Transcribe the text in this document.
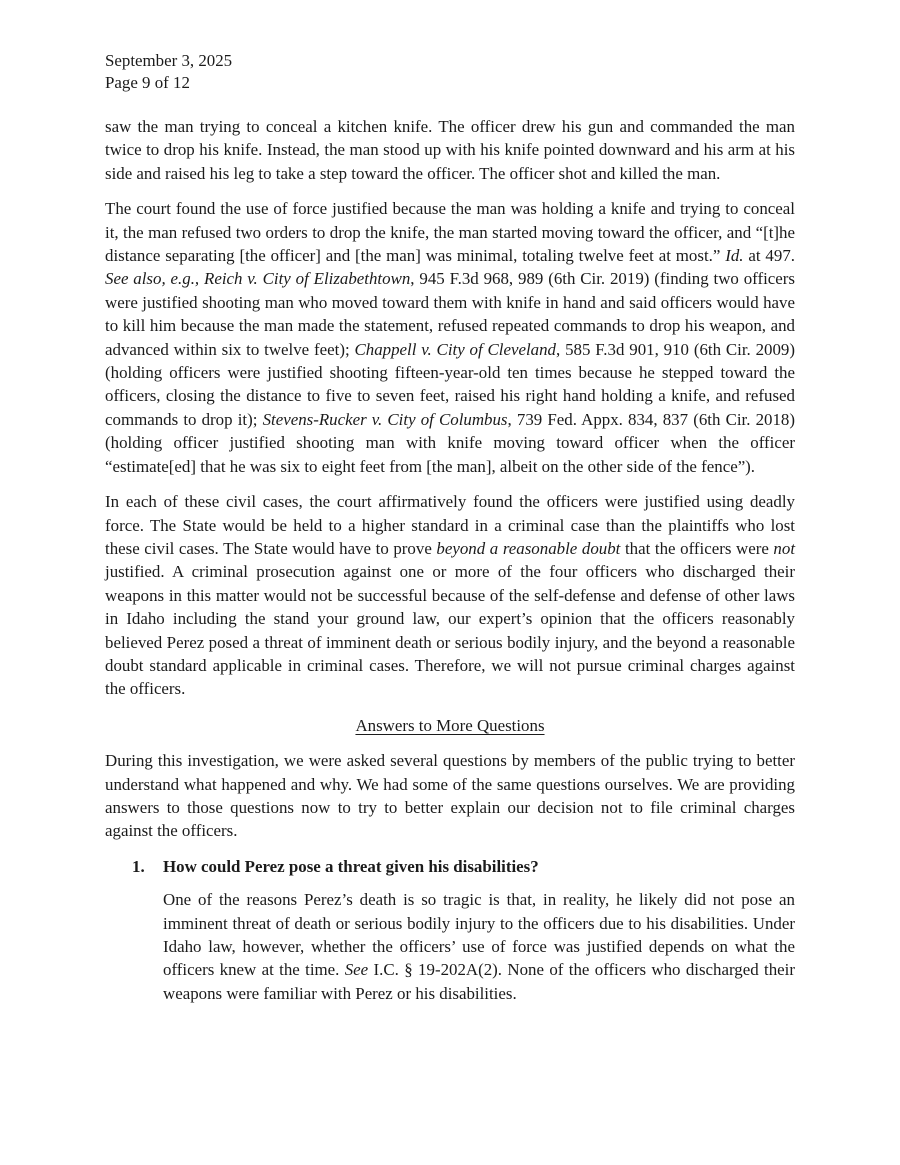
September 3, 2025
Page 9 of 12

saw the man trying to conceal a kitchen knife. The officer drew his gun and commanded the man twice to drop his knife. Instead, the man stood up with his knife pointed downward and his arm at his side and raised his leg to take a step toward the officer. The officer shot and killed the man.

The court found the use of force justified because the man was holding a knife and trying to conceal it, the man refused two orders to drop the knife, the man started moving toward the officer, and “[t]he distance separating [the officer] and [the man] was minimal, totaling twelve feet at most.” Id. at 497. See also, e.g., Reich v. City of Elizabethtown, 945 F.3d 968, 989 (6th Cir. 2019) (finding two officers were justified shooting man who moved toward them with knife in hand and said officers would have to kill him because the man made the statement, refused repeated commands to drop his weapon, and advanced within six to twelve feet); Chappell v. City of Cleveland, 585 F.3d 901, 910 (6th Cir. 2009) (holding officers were justified shooting fifteen-year-old ten times because he stepped toward the officers, closing the distance to five to seven feet, raised his right hand holding a knife, and refused commands to drop it); Stevens-Rucker v. City of Columbus, 739 Fed. Appx. 834, 837 (6th Cir. 2018) (holding officer justified shooting man with knife moving toward officer when the officer “estimate[ed] that he was six to eight feet from [the man], albeit on the other side of the fence”).

In each of these civil cases, the court affirmatively found the officers were justified using deadly force. The State would be held to a higher standard in a criminal case than the plaintiffs who lost these civil cases. The State would have to prove beyond a reasonable doubt that the officers were not justified. A criminal prosecution against one or more of the four officers who discharged their weapons in this matter would not be successful because of the self-defense and defense of other laws in Idaho including the stand your ground law, our expert’s opinion that the officers reasonably believed Perez posed a threat of imminent death or serious bodily injury, and the beyond a reasonable doubt standard applicable in criminal cases. Therefore, we will not pursue criminal charges against the officers.

Answers to More Questions

During this investigation, we were asked several questions by members of the public trying to better understand what happened and why. We had some of the same questions ourselves. We are providing answers to those questions now to try to better explain our decision not to file criminal charges against the officers.

1.	How could Perez pose a threat given his disabilities?

One of the reasons Perez’s death is so tragic is that, in reality, he likely did not pose an imminent threat of death or serious bodily injury to the officers due to his disabilities. Under Idaho law, however, whether the officers’ use of force was justified depends on what the officers knew at the time. See I.C. § 19-202A(2). None of the officers who discharged their weapons were familiar with Perez or his disabilities.
